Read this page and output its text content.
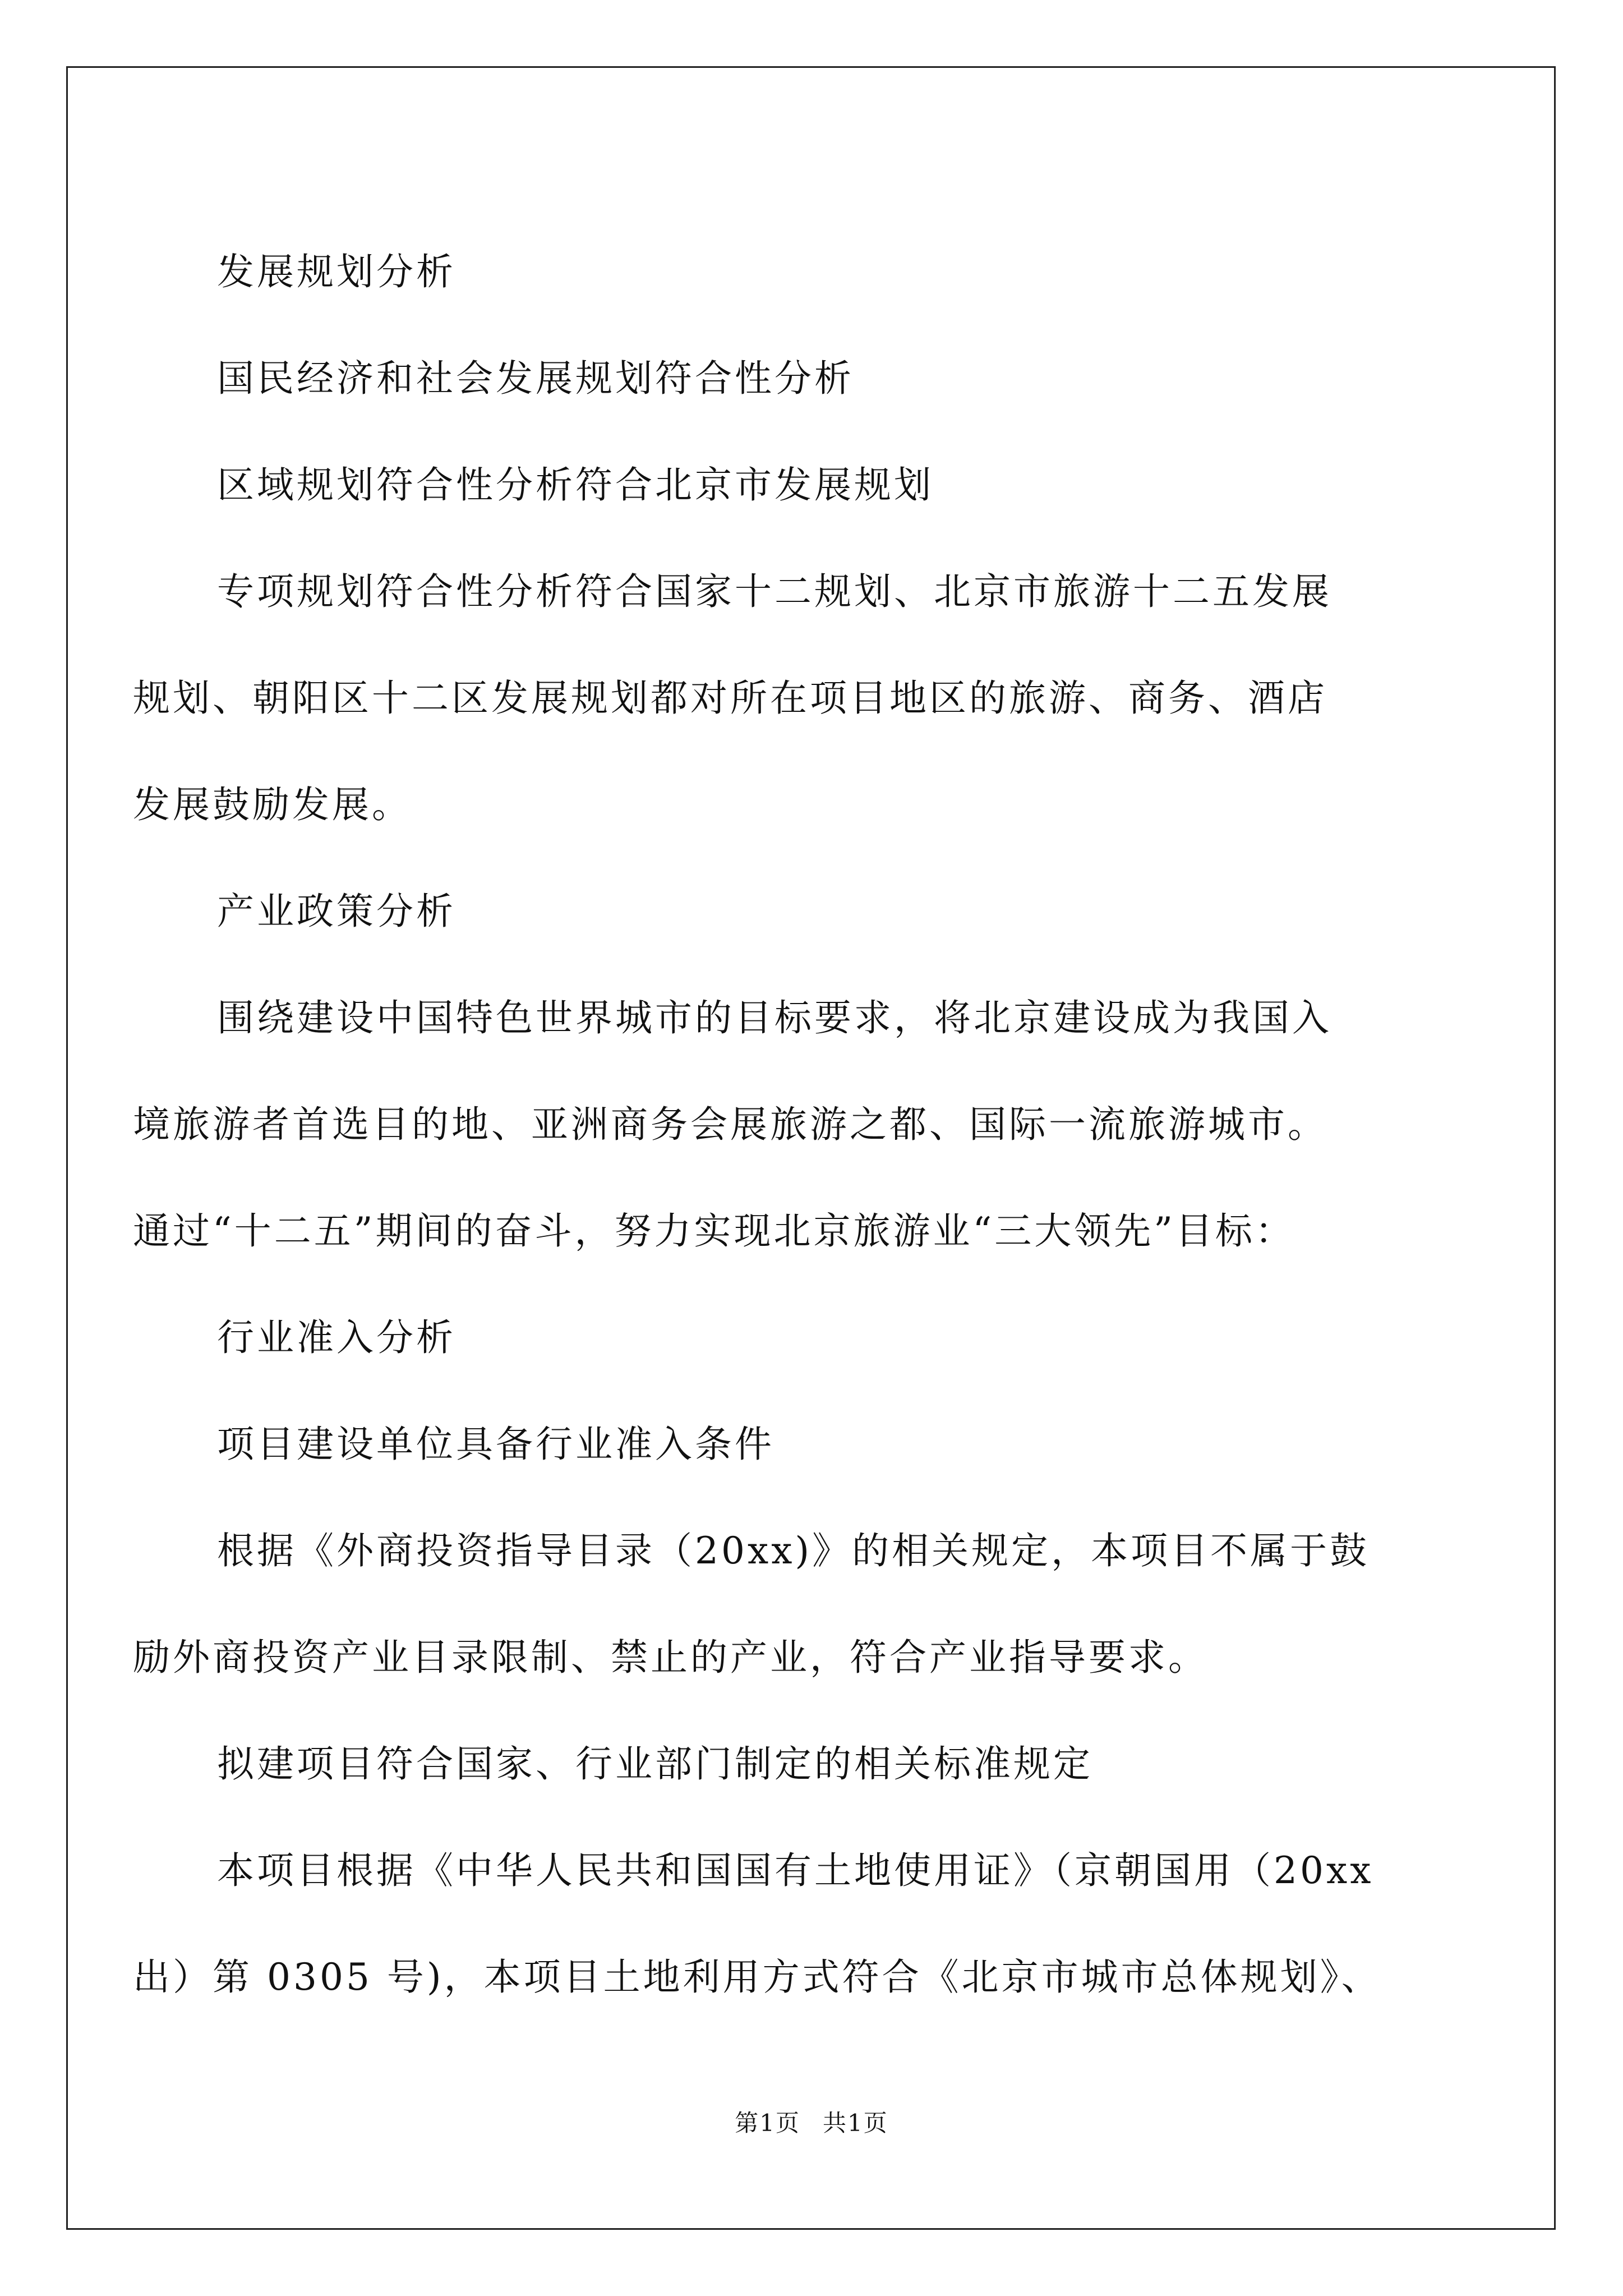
发展规划分析
国民经济和社会发展规划符合性分析
区域规划符合性分析符合北京市发展规划
专项规划符合性分析符合国家十二规划、北京市旅游十二五发展
规划、朝阳区十二区发展规划都对所在项目地区的旅游、商务、酒店
发展鼓励发展。
产业政策分析
围绕建设中国特色世界城市的目标要求，将北京建设成为我国入
境旅游者首选目的地、亚洲商务会展旅游之都、国际一流旅游城市。
通过“十二五”期间的奋斗，努力实现北京旅游业“三大领先”目标：
行业准入分析
项目建设单位具备行业准入条件
根据《外商投资指导目录（20xx)》的相关规定，本项目不属于鼓
励外商投资产业目录限制、禁止的产业，符合产业指导要求。
拟建项目符合国家、行业部门制定的相关标准规定
本项目根据《中华人民共和国国有土地使用证》（京朝国用（20xx
出）第 0305 号)，本项目土地利用方式符合《北京市城市总体规划》、
第1页 共1页
